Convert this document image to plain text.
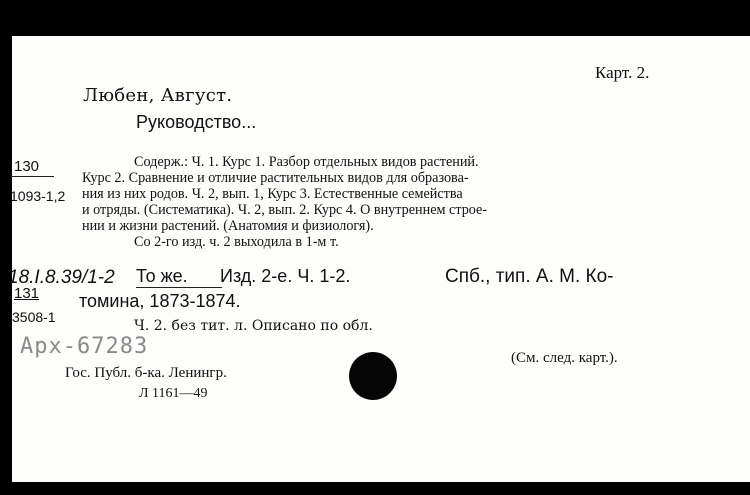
Карт. 2.
Любен, Август.
Руководство...
130
1093-1,2

Содерж.: Ч. 1. Курс 1. Разбор отдельных видов растений.

Курс 2. Сравнение и отличие растительных видов для образова-

ния из них родов. Ч. 2, вып. 1, Курс 3. Естественные семейства

и отряды. (Систематика). Ч. 2, вып. 2. Курс 4. О внутреннем строе-

нии и жизни растений. (Анатомия и физиологя).

Со 2-го изд. ч. 2 выходила в 1-м т.

18.I.8.39/1-2 То же. Изд. 2-е. Ч. 1-2.	Спб., тип. А. М. Ко-
131 томина, 1873-1874.
3508-1
Ч. 2. без тит. л. Описано по обл.
Арх-67283	(См. след. карт.).
Гос. Публ. б-ка. Ленингр.
Л 1161—49
